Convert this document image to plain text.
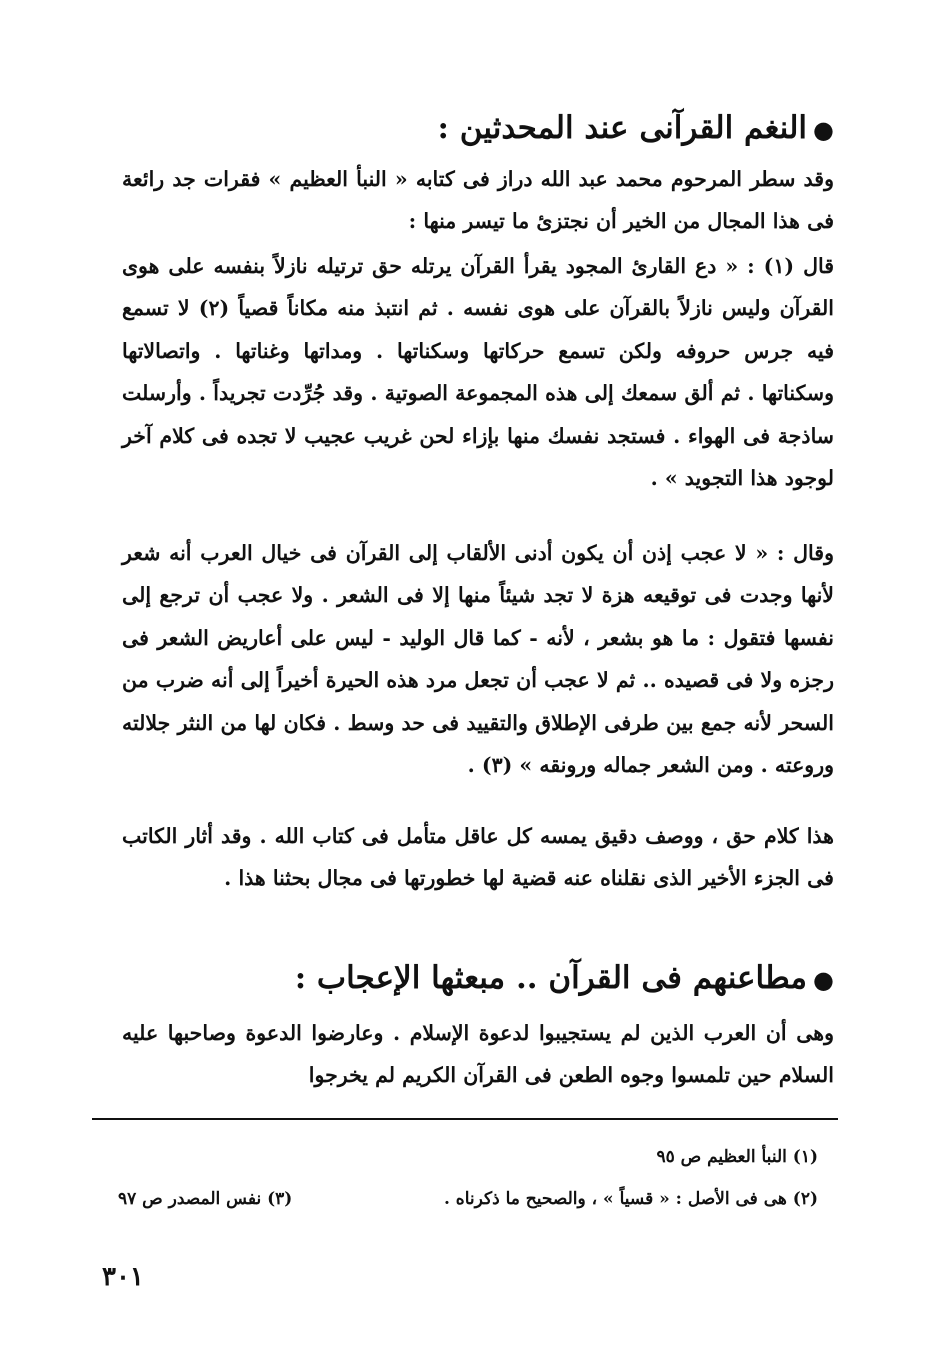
●النغم القرآنى عند المحدثين :

وقد سطر المرحوم محمد عبد الله دراز فى كتابه « النبأ العظيم » فقرات جد رائعة فى هذا المجال من الخير أن نجتزئ ما تيسر منها :

قال (١) : « دع القارئ المجود يقرأ القرآن يرتله حق ترتيله نازلاً بنفسه على هوى القرآن وليس نازلاً بالقرآن على هوى نفسه . ثم انتبذ منه مكاناً قصياً (٢) لا تسمع فيه جرس حروفه ولكن تسمع حركاتها وسكناتها . ومداتها وغناتها . واتصالاتها وسكناتها . ثم ألق سمعك إلى هذه المجموعة الصوتية . وقد جُرِّدت تجريداً . وأرسلت ساذجة فى الهواء . فستجد نفسك منها بإزاء لحن غريب عجيب لا تجده فى كلام آخر لوجود هذا التجويد » .

وقال : « لا عجب إذن أن يكون أدنى الألقاب إلى القرآن فى خيال العرب أنه شعر لأنها وجدت فى توقيعه هزة لا تجد شيئاً منها إلا فى الشعر . ولا عجب أن ترجع إلى نفسها فتقول : ما هو بشعر ، لأنه - كما قال الوليد - ليس على أعاريض الشعر فى رجزه ولا فى قصيده .. ثم لا عجب أن تجعل مرد هذه الحيرة أخيراً إلى أنه ضرب من السحر لأنه جمع بين طرفى الإطلاق والتقييد فى حد وسط . فكان لها من النثر جلالته وروعته . ومن الشعر جماله ورونقه » (٣) .

هذا كلام حق ، ووصف دقيق يمسه كل عاقل متأمل فى كتاب الله . وقد أثار الكاتب فى الجزء الأخير الذى نقلناه عنه قضية لها خطورتها فى مجال بحثنا هذا .

●مطاعنهم فى القرآن .. مبعثها الإعجاب :

وهى أن العرب الذين لم يستجيبوا لدعوة الإسلام . وعارضوا الدعوة وصاحبها عليه السلام حين تلمسوا وجوه الطعن فى القرآن الكريم لم يخرجوا

(١) النبأ العظيم ص ٩٥
(٢) هى فى الأصل : « قسياً » ، والصحيح ما ذكرناه .
(٣) نفس المصدر ص ٩٧
٣٠١
